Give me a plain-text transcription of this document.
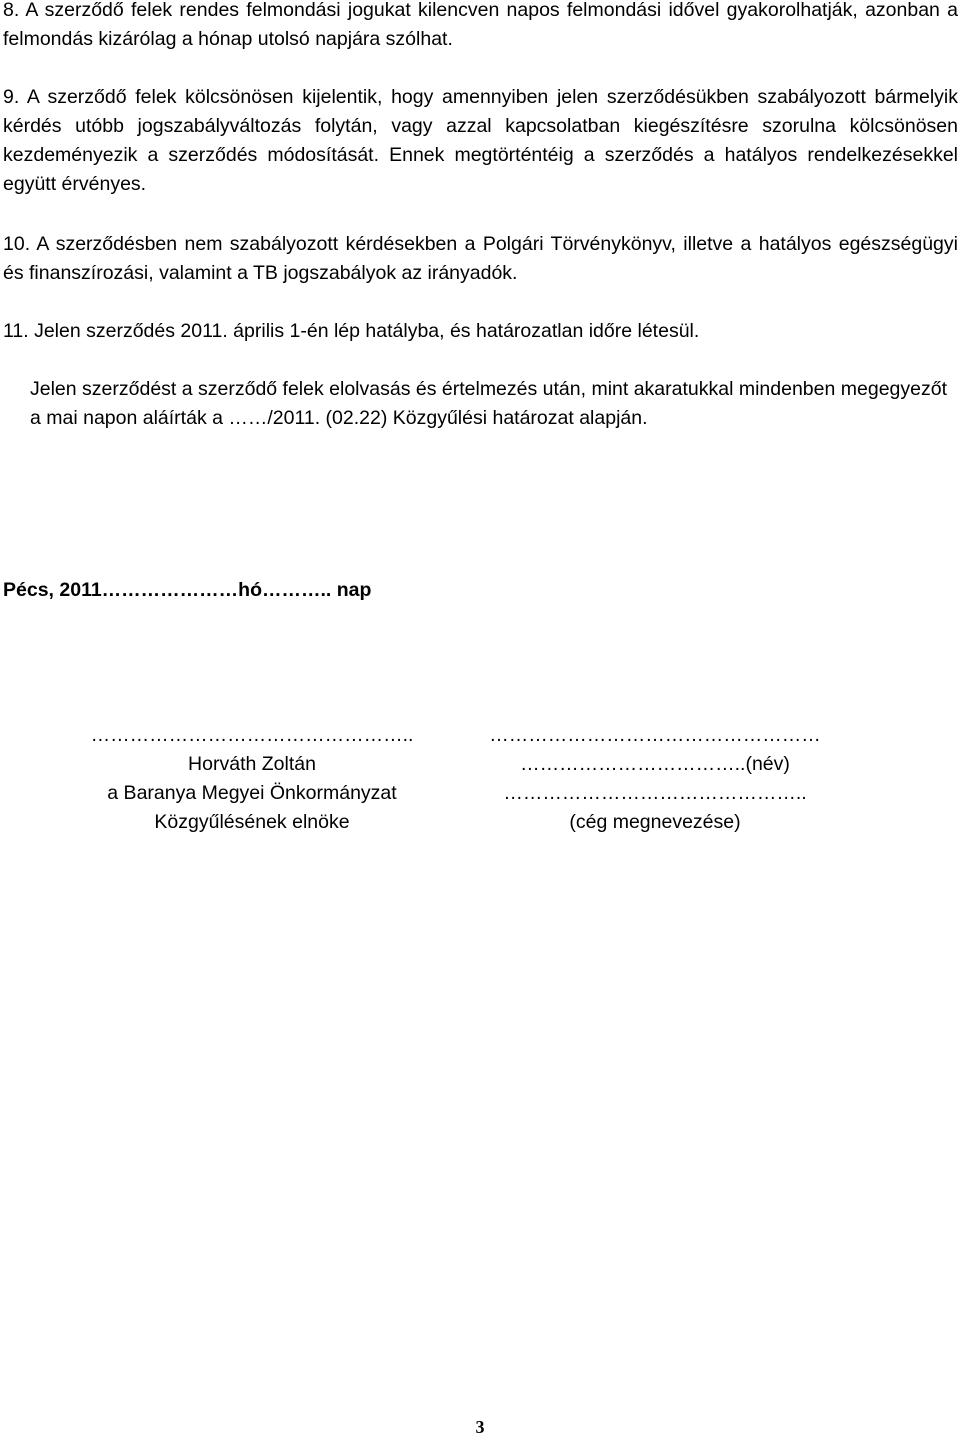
8. A szerződő felek rendes felmondási jogukat kilencven napos felmondási idővel gyakorolhatják, azonban a felmondás kizárólag a hónap utolsó napjára szólhat.

9. A szerződő felek kölcsönösen kijelentik, hogy amennyiben jelen szerződésükben szabályozott bármelyik kérdés utóbb jogszabályváltozás folytán, vagy azzal kapcsolatban kiegészítésre szorulna kölcsönösen kezdeményezik a szerződés módosítását. Ennek megtörténtéig a szerződés a hatályos rendelkezésekkel együtt érvényes.

10. A szerződésben nem szabályozott kérdésekben a Polgári Törvénykönyv, illetve a hatályos egészségügyi és finanszírozási, valamint a TB jogszabályok az irányadók.

11. Jelen szerződés 2011. április 1-én lép hatályba, és határozatlan időre létesül.

Jelen szerződést a szerződő felek elolvasás és értelmezés után, mint akaratukkal mindenben megegyezőt a mai napon aláírták a ……/2011. (02.22) Közgyűlési határozat alapján.

Pécs, 2011…………………hó……….. nap
…………………………………………..
Horváth Zoltán
a Baranya Megyei Önkormányzat
Közgyűlésének elnöke
……………………………………………
……………………………..(név)
………………………………………..
(cég megnevezése)
3
